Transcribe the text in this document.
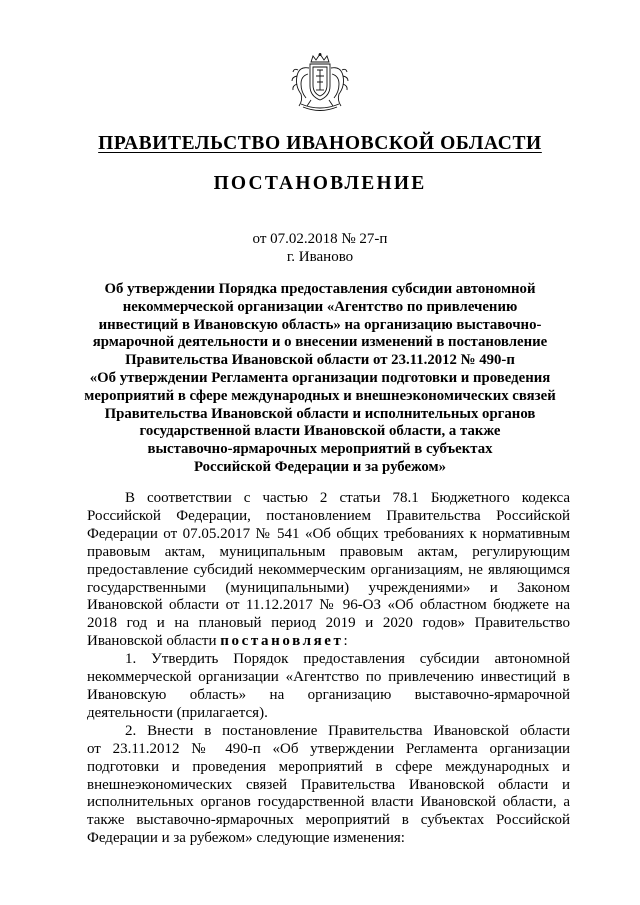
ПРАВИТЕЛЬСТВО ИВАНОВСКОЙ ОБЛАСТИ
ПОСТАНОВЛЕНИЕ
от 07.02.2018 № 27-п
г. Иваново
Об утверждении Порядка предоставления субсидии автономной
некоммерческой организации «Агентство по привлечению
инвестиций в Ивановскую область» на организацию выставочно-
ярмарочной деятельности и о внесении изменений в постановление
Правительства Ивановской области от 23.11.2012 № 490-п
«Об утверждении Регламента организации подготовки и проведения
мероприятий в сфере международных и внешнеэкономических связей
Правительства Ивановской области и исполнительных органов
государственной власти Ивановской области, а также
выставочно-ярмарочных мероприятий в субъектах
Российской Федерации и за рубежом»
В соответствии с частью 2 статьи 78.1 Бюджетного кодекса
Российской Федерации, постановлением Правительства Российской
Федерации от 07.05.2017 № 541 «Об общих требованиях к нормативным
правовым актам, муниципальным правовым актам, регулирующим
предоставление субсидий некоммерческим организациям, не являющимся
государственными (муниципальными) учреждениями» и Законом
Ивановской области от 11.12.2017 № 96-ОЗ «Об областном бюджете на
2018 год и на плановый период 2019 и 2020 годов» Правительство
Ивановской области постановляет:
1. Утвердить Порядок предоставления субсидии автономной
некоммерческой организации «Агентство по привлечению инвестиций в
Ивановскую область» на организацию выставочно-ярмарочной
деятельности (прилагается).
2. Внести в постановление Правительства Ивановской области
от 23.11.2012 № 490-п «Об утверждении Регламента организации
подготовки и проведения мероприятий в сфере международных и
внешнеэкономических связей Правительства Ивановской области и
исполнительных органов государственной власти Ивановской области, а
также выставочно-ярмарочных мероприятий в субъектах Российской
Федерации и за рубежом» следующие изменения:
